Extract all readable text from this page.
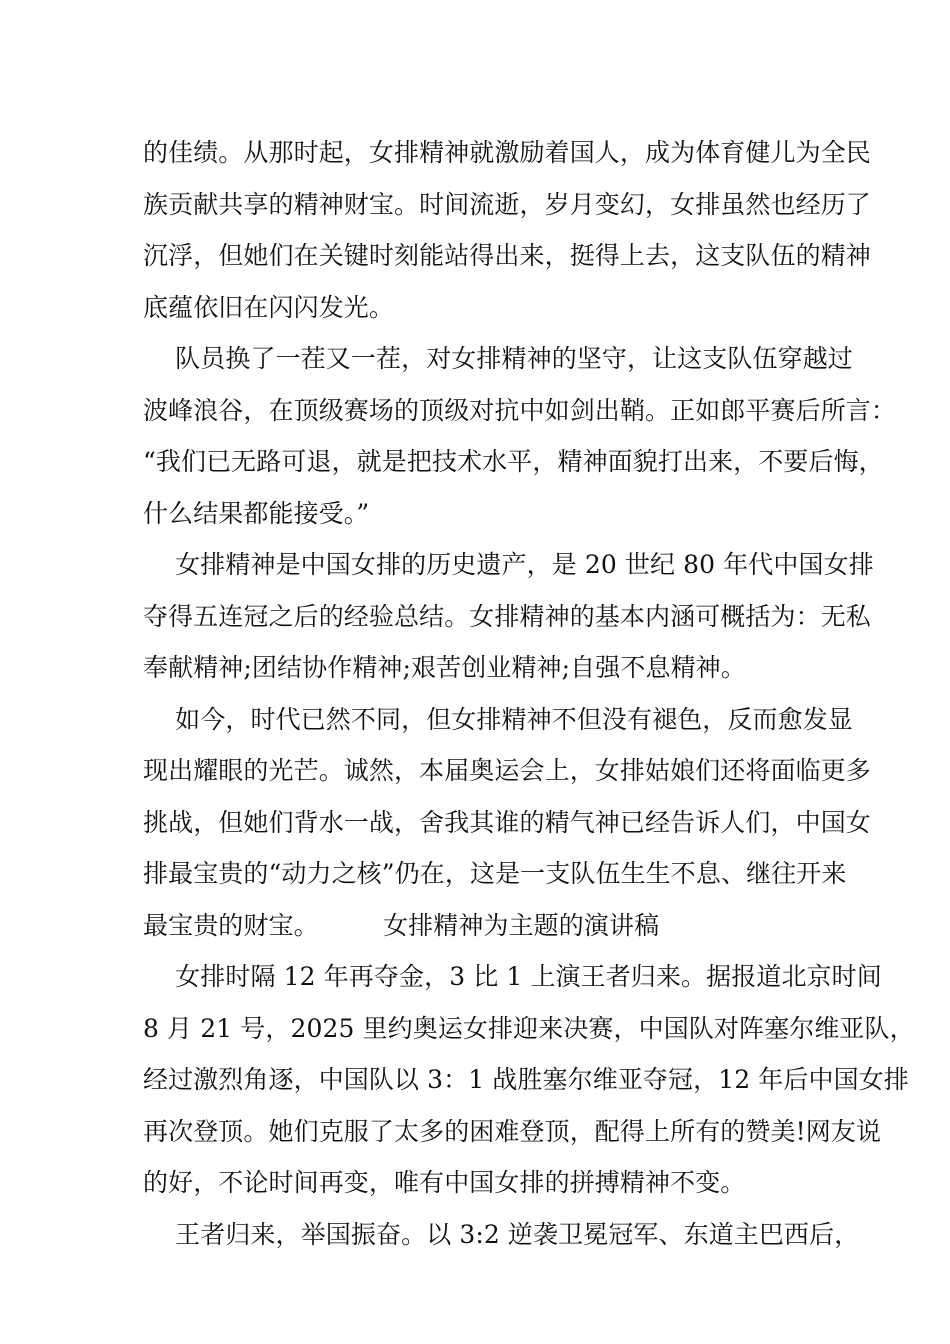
的佳绩。从那时起，女排精神就激励着国人，成为体育健儿为全民
族贡献共享的精神财宝。时间流逝，岁月变幻，女排虽然也经历了
沉浮，但她们在关键时刻能站得出来，挺得上去，这支队伍的精神
底蕴依旧在闪闪发光。
队员换了一茬又一茬，对女排精神的坚守，让这支队伍穿越过
波峰浪谷，在顶级赛场的顶级对抗中如剑出鞘。正如郎平赛后所言：
“我们已无路可退，就是把技术水平，精神面貌打出来，不要后悔，
什么结果都能接受。”
女排精神是中国女排的历史遗产，是 20 世纪 80 年代中国女排
夺得五连冠之后的经验总结。女排精神的基本内涵可概括为：无私
奉献精神;团结协作精神;艰苦创业精神;自强不息精神。
如今，时代已然不同，但女排精神不但没有褪色，反而愈发显
现出耀眼的光芒。诚然，本届奥运会上，女排姑娘们还将面临更多
挑战，但她们背水一战，舍我其谁的精气神已经告诉人们，中国女
排最宝贵的“动力之核”仍在，这是一支队伍生生不息、继往开来
最宝贵的财宝。        女排精神为主题的演讲稿
女排时隔 12 年再夺金，3 比 1 上演王者归来。据报道北京时间
8 月 21 号，2025 里约奥运女排迎来决赛，中国队对阵塞尔维亚队，
经过激烈角逐，中国队以 3：1 战胜塞尔维亚夺冠，12 年后中国女排
再次登顶。她们克服了太多的困难登顶，配得上所有的赞美!网友说
的好，不论时间再变，唯有中国女排的拼搏精神不变。
王者归来，举国振奋。以 3:2 逆袭卫冕冠军、东道主巴西后，
